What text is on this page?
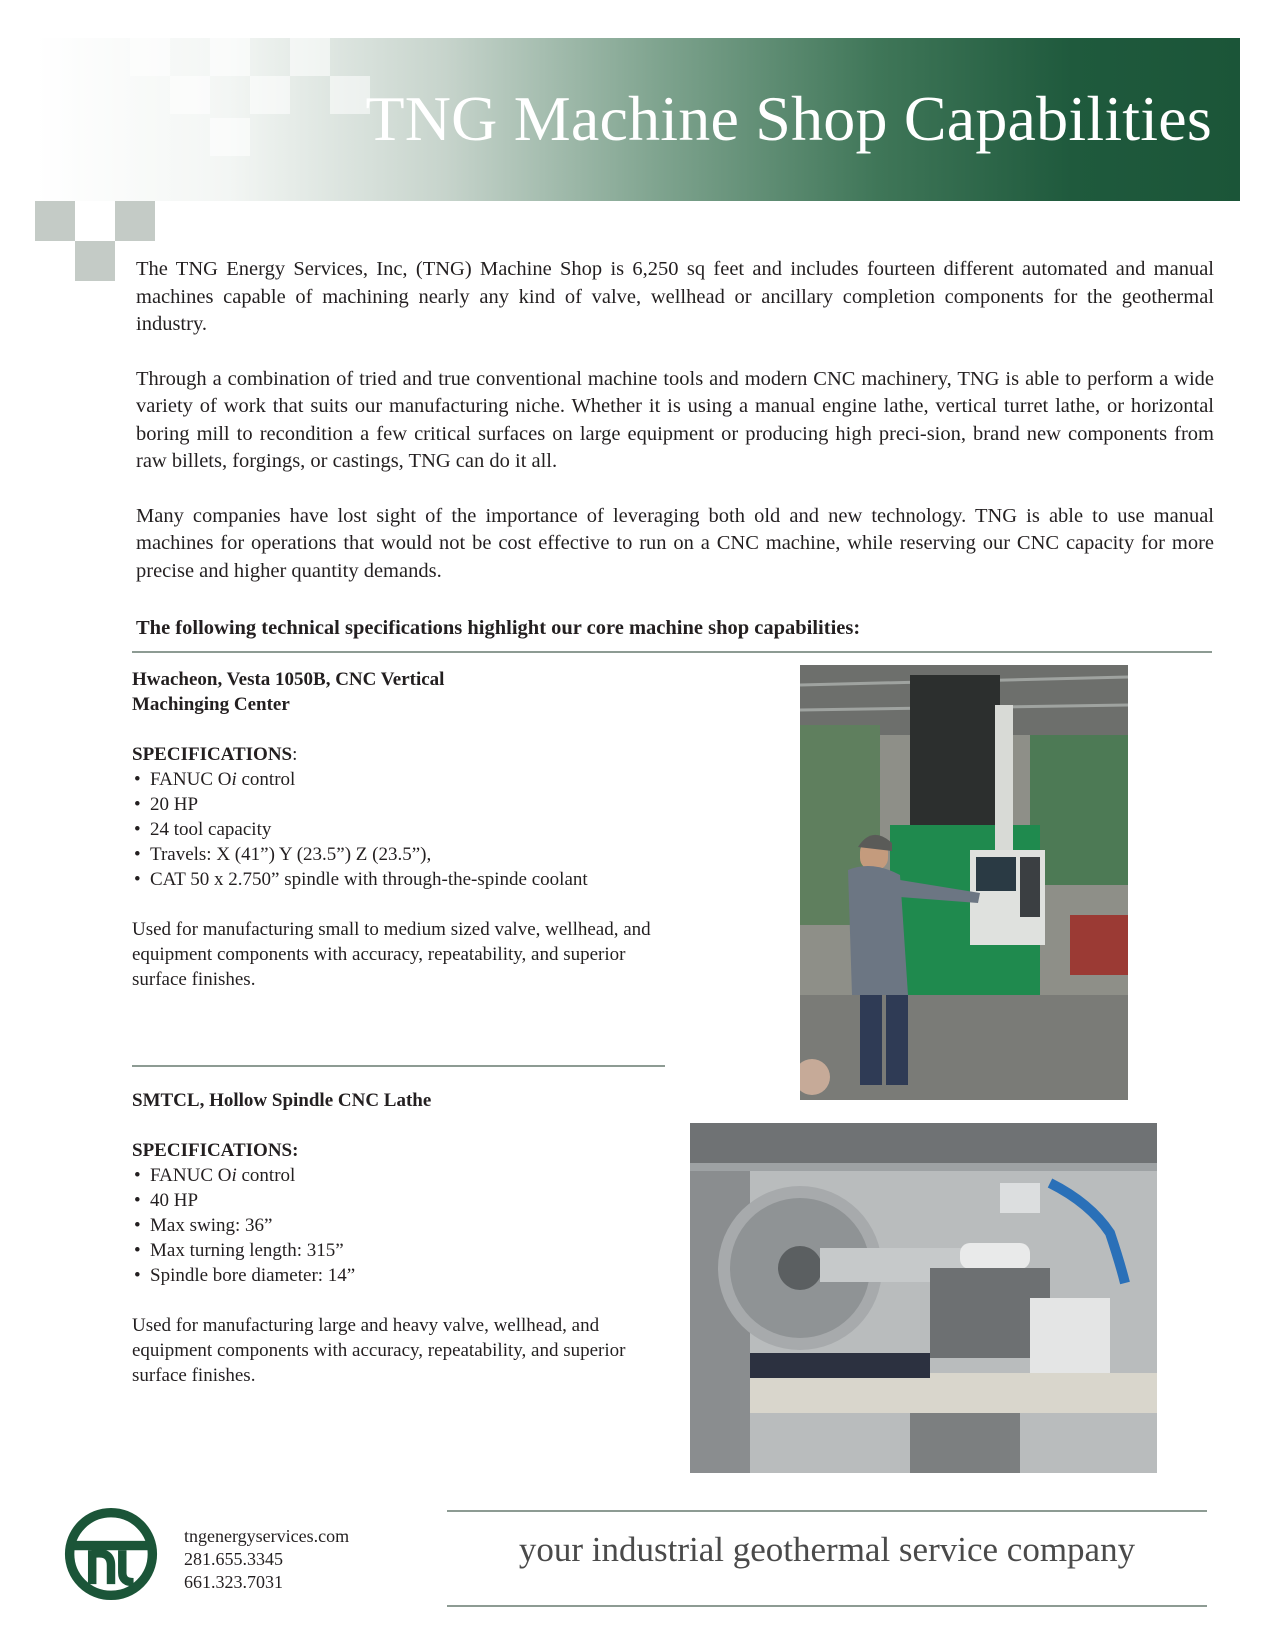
TNG Machine Shop Capabilities

The TNG Energy Services, Inc, (TNG) Machine Shop is 6,250 sq feet and includes fourteen different automated and manual machines capable of machining nearly any kind of valve, wellhead or ancillary completion components for the geothermal industry.

Through a combination of tried and true conventional machine tools and modern CNC machinery, TNG is able to perform a wide variety of work that suits our manufacturing niche. Whether it is using a manual engine lathe, vertical turret lathe, or horizontal boring mill to recondition a few critical surfaces on large equipment or producing high preci-sion, brand new components from raw billets, forgings, or castings, TNG can do it all.

Many companies have lost sight of the importance of leveraging both old and new technology. TNG is able to use manual machines for operations that would not be cost effective to run on a CNC machine, while reserving our CNC capacity for more precise and higher quantity demands.

The following technical specifications highlight our core machine shop capabilities:

Hwacheon, Vesta 1050B, CNC Vertical
Machinging Center

SPECIFICATIONS:

• FANUC Oi control
• 20 HP
• 24 tool capacity
• Travels: X (41”) Y (23.5”) Z (23.5”),
• CAT 50 x 2.750” spindle with through-the-spinde coolant

Used for manufacturing small to medium sized valve, wellhead, and equipment components with accuracy, repeatability, and superior surface finishes.

SMTCL, Hollow Spindle CNC Lathe

SPECIFICATIONS:

• FANUC Oi control
• 40 HP
• Max swing: 36”
• Max turning length: 315”
• Spindle bore diameter: 14”

Used for manufacturing large and heavy valve, wellhead, and equipment components with accuracy, repeatability, and superior surface finishes.

tngenergyservices.com
281.655.3345
661.323.7031

your industrial geothermal service company
